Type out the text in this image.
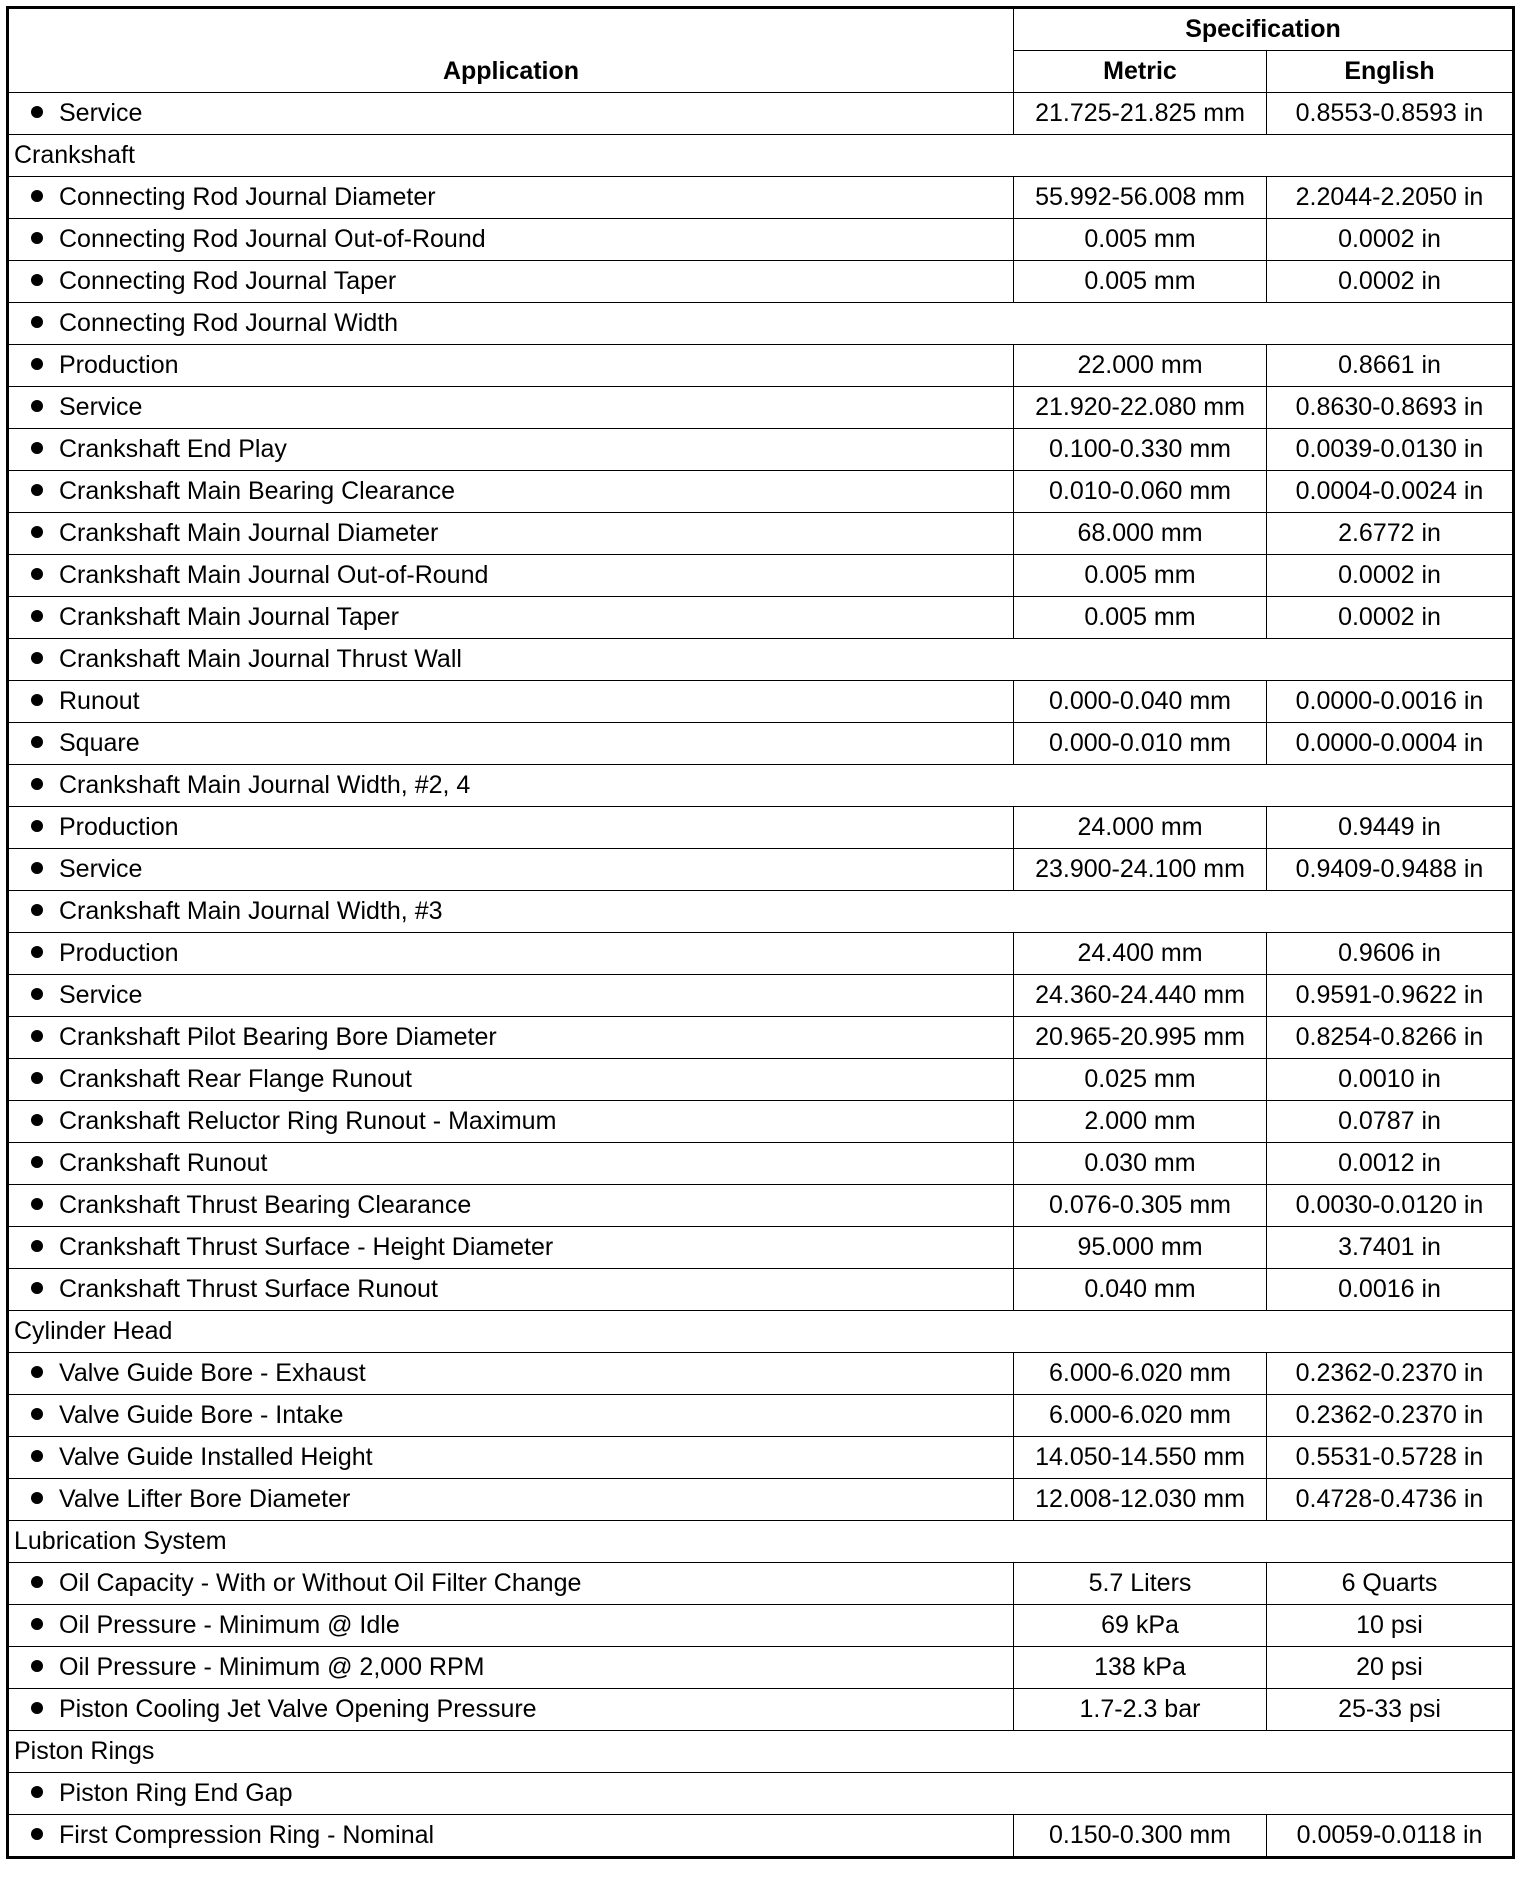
Application	Specification	
	Metric	English
Service	21.725-21.825 mm	0.8553-0.8593 in
Crankshaft		
Connecting Rod Journal Diameter	55.992-56.008 mm	2.2044-2.2050 in
Connecting Rod Journal Out-of-Round	0.005 mm	0.0002 in
Connecting Rod Journal Taper	0.005 mm	0.0002 in
Connecting Rod Journal Width		
Production	22.000 mm	0.8661 in
Service	21.920-22.080 mm	0.8630-0.8693 in
Crankshaft End Play	0.100-0.330 mm	0.0039-0.0130 in
Crankshaft Main Bearing Clearance	0.010-0.060 mm	0.0004-0.0024 in
Crankshaft Main Journal Diameter	68.000 mm	2.6772 in
Crankshaft Main Journal Out-of-Round	0.005 mm	0.0002 in
Crankshaft Main Journal Taper	0.005 mm	0.0002 in
Crankshaft Main Journal Thrust Wall		
Runout	0.000-0.040 mm	0.0000-0.0016 in
Square	0.000-0.010 mm	0.0000-0.0004 in
Crankshaft Main Journal Width, #2, 4		
Production	24.000 mm	0.9449 in
Service	23.900-24.100 mm	0.9409-0.9488 in
Crankshaft Main Journal Width, #3		
Production	24.400 mm	0.9606 in
Service	24.360-24.440 mm	0.9591-0.9622 in
Crankshaft Pilot Bearing Bore Diameter	20.965-20.995 mm	0.8254-0.8266 in
Crankshaft Rear Flange Runout	0.025 mm	0.0010 in
Crankshaft Reluctor Ring Runout - Maximum	2.000 mm	0.0787 in
Crankshaft Runout	0.030 mm	0.0012 in
Crankshaft Thrust Bearing Clearance	0.076-0.305 mm	0.0030-0.0120 in
Crankshaft Thrust Surface - Height Diameter	95.000 mm	3.7401 in
Crankshaft Thrust Surface Runout	0.040 mm	0.0016 in
Cylinder Head		
Valve Guide Bore - Exhaust	6.000-6.020 mm	0.2362-0.2370 in
Valve Guide Bore - Intake	6.000-6.020 mm	0.2362-0.2370 in
Valve Guide Installed Height	14.050-14.550 mm	0.5531-0.5728 in
Valve Lifter Bore Diameter	12.008-12.030 mm	0.4728-0.4736 in
Lubrication System		
Oil Capacity - With or Without Oil Filter Change	5.7 Liters	6 Quarts
Oil Pressure - Minimum @ Idle	69 kPa	10 psi
Oil Pressure - Minimum @ 2,000 RPM	138 kPa	20 psi
Piston Cooling Jet Valve Opening Pressure	1.7-2.3 bar	25-33 psi
Piston Rings		
Piston Ring End Gap		
First Compression Ring - Nominal	0.150-0.300 mm	0.0059-0.0118 in
